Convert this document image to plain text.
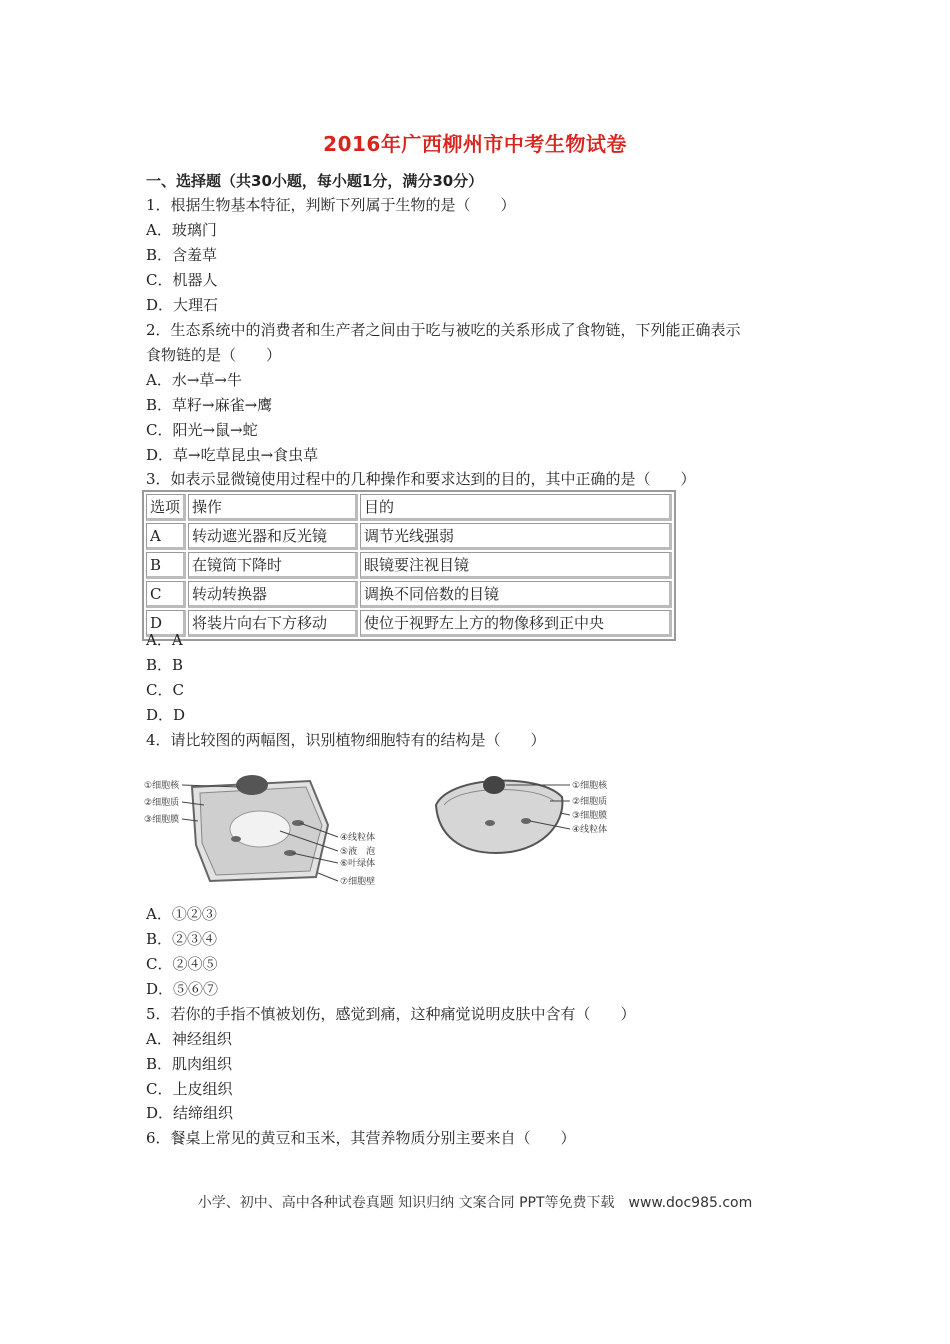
2016年广西柳州市中考生物试卷
一、选择题（共30小题，每小题1分，满分30分）
1．根据生物基本特征，判断下列属于生物的是（　　）
A．玻璃门
B．含羞草
C．机器人
D．大理石
2．生态系统中的消费者和生产者之间由于吃与被吃的关系形成了食物链，下列能正确表示
食物链的是（　　）
A．水→草→牛
B．草籽→麻雀→鹰
C．阳光→鼠→蛇
D．草→吃草昆虫→食虫草
3．如表示显微镜使用过程中的几种操作和要求达到的目的，其中正确的是（　　）
选项	操作	目的
A	转动遮光器和反光镜	调节光线强弱
B	在镜筒下降时	眼镜要注视目镜
C	转动转换器	调换不同倍数的目镜
D	将装片向右下方移动	使位于视野左上方的物像移到正中央
A．A
B．B
C．C
D．D
4．请比较图的两幅图，识别植物细胞特有的结构是（　　）
①细胞核
②细胞质
③细胞膜
④线粒体
⑤液　泡
⑥叶绿体
⑦细胞壁
①细胞核
②细胞质
③细胞膜
④线粒体
A．①②③
B．②③④
C．②④⑤
D．⑤⑥⑦
5．若你的手指不慎被划伤，感觉到痛，这种痛觉说明皮肤中含有（　　）
A．神经组织
B．肌肉组织
C．上皮组织
D．结缔组织
6．餐桌上常见的黄豆和玉米，其营养物质分别主要来自（　　）
小学、初中、高中各种试卷真题 知识归纳 文案合同 PPT等免费下载　www.doc985.com
